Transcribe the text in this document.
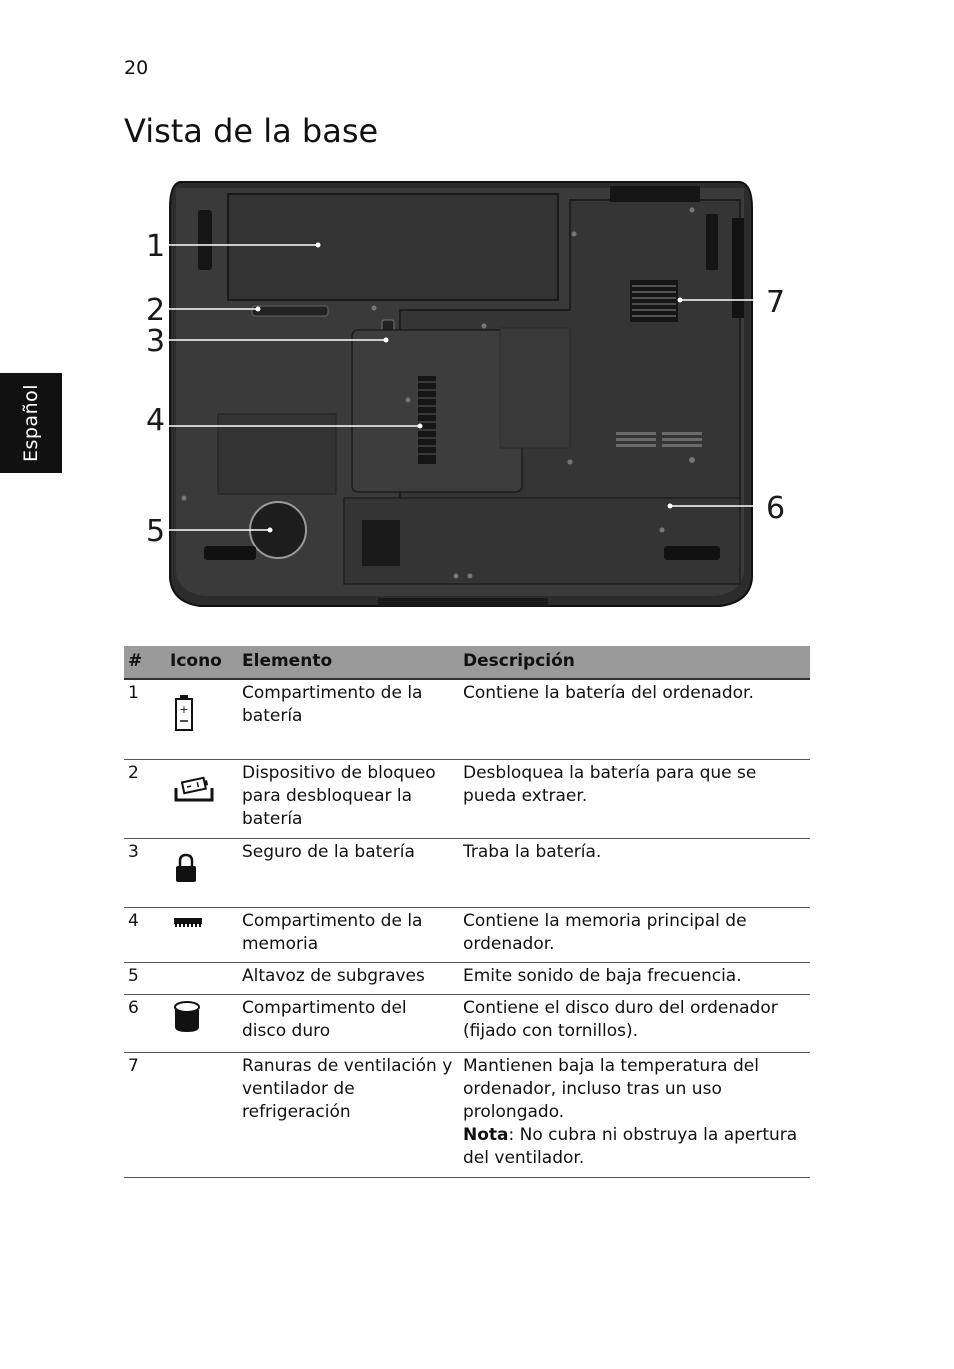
20
Vista de la base
Español
1
2
3
4
5
6
7
#	Icono	Elemento	Descripción
1	+	Compartimento de la batería	Contiene la batería del ordenador.
2		Dispositivo de bloqueo para desbloquear la batería	Desbloquea la batería para que se pueda extraer.
3		Seguro de la batería	Traba la batería.
4		Compartimento de la memoria	Contiene la memoria principal de ordenador.
5		Altavoz de subgraves	Emite sonido de baja frecuencia.
6		Compartimento del disco duro	Contiene el disco duro del ordenador (fijado con tornillos).
7		Ranuras de ventilación y ventilador de refrigeración	Mantienen baja la temperatura del ordenador, incluso tras un uso prolongado.
Nota: No cubra ni obstruya la apertura del ventilador.
